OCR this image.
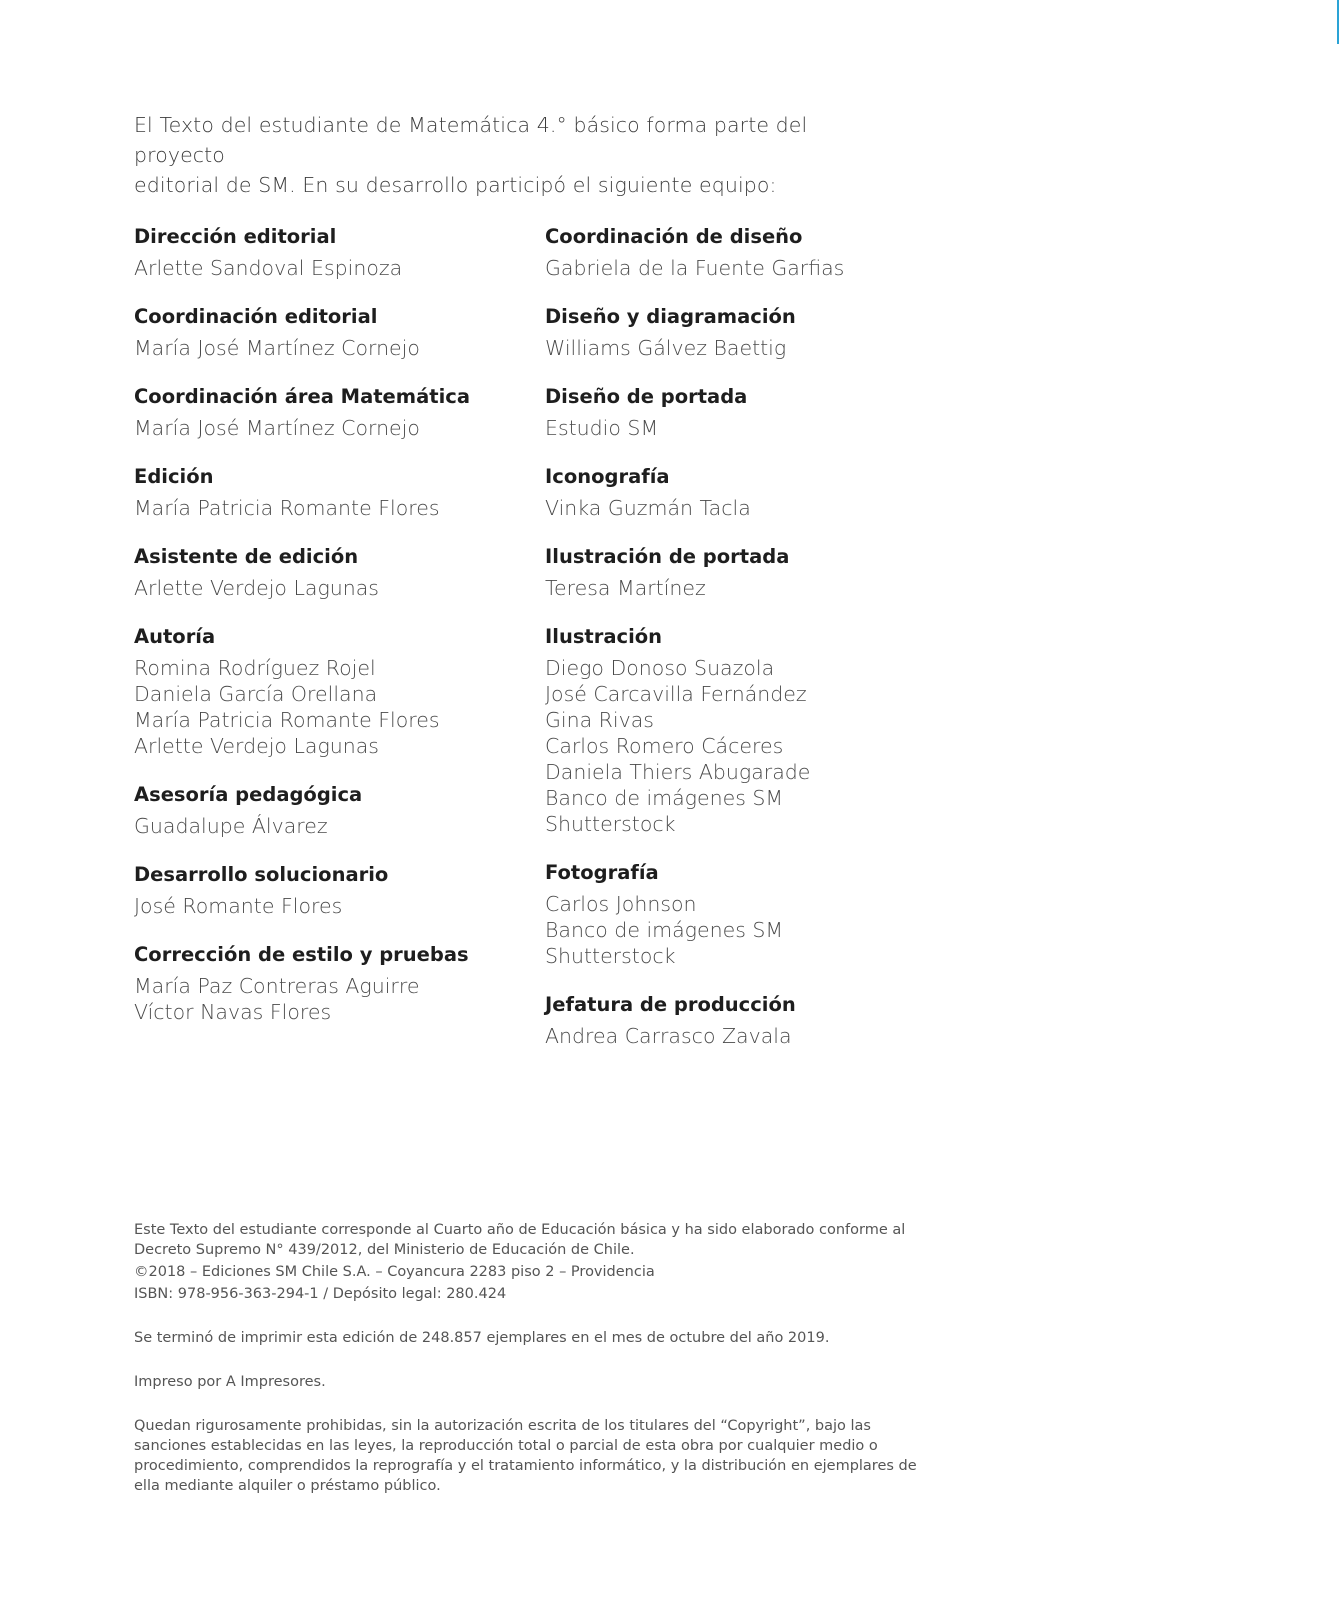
El Texto del estudiante de Matemática 4.° básico forma parte del proyecto

editorial de SM. En su desarrollo participó el siguiente equipo:

Dirección editorial
Arlette Sandoval Espinoza
Coordinación editorial
María José Martínez Cornejo
Coordinación área Matemática
María José Martínez Cornejo
Edición
María Patricia Romante Flores
Asistente de edición
Arlette Verdejo Lagunas
Autoría
Romina Rodríguez Rojel
Daniela García Orellana
María Patricia Romante Flores
Arlette Verdejo Lagunas
Asesoría pedagógica
Guadalupe Álvarez
Desarrollo solucionario
José Romante Flores
Corrección de estilo y pruebas
María Paz Contreras Aguirre
Víctor Navas Flores
Coordinación de diseño
Gabriela de la Fuente Garfias
Diseño y diagramación
Williams Gálvez Baettig
Diseño de portada
Estudio SM
Iconografía
Vinka Guzmán Tacla
Ilustración de portada
Teresa Martínez
Ilustración
Diego Donoso Suazola
José Carcavilla Fernández
Gina Rivas
Carlos Romero Cáceres
Daniela Thiers Abugarade
Banco de imágenes SM
Shutterstock
Fotografía
Carlos Johnson
Banco de imágenes SM
Shutterstock
Jefatura de producción
Andrea Carrasco Zavala

Este Texto del estudiante corresponde al Cuarto año de Educación básica y ha sido elaborado conforme al

Decreto Supremo N° 439/2012, del Ministerio de Educación de Chile.

©2018 – Ediciones SM Chile S.A. – Coyancura 2283 piso 2 – Providencia

ISBN: 978-956-363-294-1 / Depósito legal: 280.424

Se terminó de imprimir esta edición de 248.857 ejemplares en el mes de octubre del año 2019.

Impreso por A Impresores.

Quedan rigurosamente prohibidas, sin la autorización escrita de los titulares del “Copyright”, bajo las

sanciones establecidas en las leyes, la reproducción total o parcial de esta obra por cualquier medio o

procedimiento, comprendidos la reprografía y el tratamiento informático, y la distribución en ejemplares de

ella mediante alquiler o préstamo público.
